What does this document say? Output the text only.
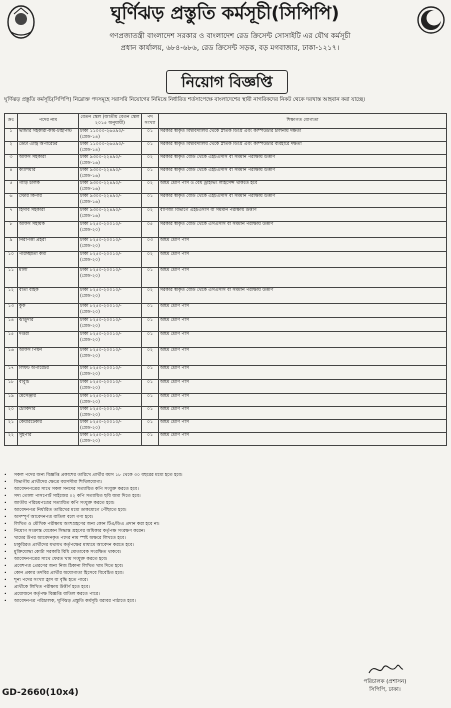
ঘূর্ণিঝড় প্রস্তুতি কর্মসূচী(সিপিপি)
গণপ্রজাতন্ত্রী বাংলাদেশ সরকার ও বাংলাদেশ রেড ক্রিসেন্ট সোসাইটি এর যৌথ কর্মসূচী
প্রধান কার্যালয়, ৬৮৪-৬৮৬, রেড ক্রিসেন্ট সড়ক, বড় মগবাজার, ঢাকা-১২১৭।
নিয়োগ বিজ্ঞপ্তি
ঘূর্ণিঝড় প্রস্তুতি কর্মসূচি(সিপিপি) নিম্নোক্ত পদসমূহে সরাসরি নিয়োগের নিমিত্তে নির্ধারিত শর্তসাপেক্ষে বাংলাদেশের স্থায়ী নাগরিকদের নিকট থেকে দরখাস্ত আহবান করা যাচ্ছে।
ক্রঃ	পদের নাম	বেতন স্কেল (জাতীয় বেতন স্কেল ২০১৫ অনুযায়ী)	পদ সংখ্যা	শিক্ষাগত যোগ্যতা
১	ভান্ডার সহকারী-কাম-টাইপিস্ট	টাকা ১১০০০-২৬৫৯০/-(গ্রেড-১৪)	০১	সরকার স্বীকৃত বিশ্ববিদ্যালয় থেকে স্নাতক ডিগ্রি এবং কম্পিউটার চালনায় দক্ষতা
২	ডেটা এন্ট্রি অপারেটর	টাকা ১১০০০-২৬৫৯০/-(গ্রেড-১৪)	০১	সরকার স্বীকৃত বিশ্ববিদ্যালয় থেকে স্নাতক ডিগ্রি এবং কম্পিউটার ব্যবহারে দক্ষতা
৩	অফিস সহকারী	টাকা ৯৩০০-২২৪৯০/-(গ্রেড-১৬)	০২	সরকার স্বীকৃত বোর্ড থেকে এইচএসসি বা সমমান পরীক্ষায় উত্তীর্ণ
৪	ক্যাশিয়ার	টাকা ৯৩০০-২২৪৯০/-(গ্রেড-১৬)	০১	সরকার স্বীকৃত বোর্ড থেকে এইচএসসি বা সমমান পরীক্ষায় উত্তীর্ণ
৫	গাড়ি চালক	টাকা ৯৩০০-২২৪৯০/-(গ্রেড-১৬)	০২	অষ্টম শ্রেণি পাস ও বৈধ ড্রাইভিং লাইসেন্স থাকতে হবে
৬	স্টোর কিপার	টাকা ৯৩০০-২২৪৯০/-(গ্রেড-১৬)	০১	সরকার স্বীকৃত বোর্ড থেকে এইচএসসি বা সমমান পরীক্ষায় উত্তীর্ণ
৭	হিসাব সহকারী	টাকা ৯৩০০-২২৪৯০/-(গ্রেড-১৬)	০২	বাণিজ্য বিভাগে এইচএসসি বা সমমান পরীক্ষায় উত্তীর্ণ
৮	অফিস সহায়ক	টাকা ৮২৫০-২০০১০/-(গ্রেড-২০)	০৫	সরকার স্বীকৃত বোর্ড থেকে এসএসসি বা সমমান পরীক্ষায় উত্তীর্ণ
৯	নিরাপত্তা প্রহরী	টাকা ৮২৫০-২০০১০/-(গ্রেড-২০)	০৩	অষ্টম শ্রেণি পাস
১০	পরিচ্ছন্নতা কর্মী	টাকা ৮২৫০-২০০১০/-(গ্রেড-২০)	০২	অষ্টম শ্রেণি পাস
১১	মালী	টাকা ৮২৫০-২০০১০/-(গ্রেড-২০)	০১	অষ্টম শ্রেণি পাস
১২	বার্তা বাহক	টাকা ৮২৫০-২০০১০/-(গ্রেড-২০)	০২	সরকার স্বীকৃত বোর্ড থেকে এসএসসি বা সমমান পরীক্ষায় উত্তীর্ণ
১৩	কুক	টাকা ৮২৫০-২০০১০/-(গ্রেড-২০)	০১	অষ্টম শ্রেণি পাস
১৪	ঝাড়ুদার	টাকা ৮২৫০-২০০১০/-(গ্রেড-২০)	০১	অষ্টম শ্রেণি পাস
১৫	দপ্তরী	টাকা ৮২৫০-২০০১০/-(গ্রেড-২০)	০১	অষ্টম শ্রেণি পাস
১৬	অফিস পিয়ন	টাকা ৮২৫০-২০০১০/-(গ্রেড-২০)	০২	অষ্টম শ্রেণি পাস
১৭	লিফট অপারেটর	টাকা ৮২৫০-২০০১০/-(গ্রেড-২০)	০১	অষ্টম শ্রেণি পাস
১৮	বাবুর্চি	টাকা ৮২৫০-২০০১০/-(গ্রেড-২০)	০১	অষ্টম শ্রেণি পাস
১৯	মেসেঞ্জার	টাকা ৮২৫০-২০০১০/-(গ্রেড-২০)	০১	অষ্টম শ্রেণি পাস
২০	চৌকিদার	টাকা ৮২৫০-২০০১০/-(গ্রেড-২০)	০১	অষ্টম শ্রেণি পাস
২১	কেয়ারটেকার	টাকা ৮২৫০-২০০১০/-(গ্রেড-২০)	০১	অষ্টম শ্রেণি পাস
২২	সুইপার	টাকা ৮২৫০-২০০১০/-(গ্রেড-২০)	০১	অষ্টম শ্রেণি পাস

• সকল পদের জন্য বিজ্ঞপ্তি প্রকাশের তারিখে প্রার্থীর বয়স ১৮ থেকে ৩০ বছরের মধ্যে হতে হবে।

• বিভাগীয় প্রার্থীদের ক্ষেত্রে বয়সসীমা শিথিলযোগ্য।

• আবেদনপত্রের সাথে সকল সনদের সত্যায়িত কপি সংযুক্ত করতে হবে।

• সদ্য তোলা পাসপোর্ট সাইজের ০২ কপি সত্যায়িত ছবি জমা দিতে হবে।

• জাতীয় পরিচয়পত্রের সত্যায়িত কপি সংযুক্ত করতে হবে।

• আবেদনপত্র নির্ধারিত তারিখের মধ্যে ডাকযোগে পৌঁছাতে হবে।

• অসম্পূর্ণ আবেদনপত্র বাতিল বলে গণ্য হবে।

• লিখিত ও মৌখিক পরীক্ষায় অংশগ্রহণের জন্য কোন টিএ/ডিএ প্রদান করা হবে না।

• নিয়োগ সংক্রান্ত যেকোন সিদ্ধান্ত গ্রহণের অধিকার কর্তৃপক্ষ সংরক্ষণ করেন।

• খামের উপর আবেদনকৃত পদের নাম স্পষ্ট অক্ষরে লিখতে হবে।

• চাকুরিরত প্রার্থীদের যথাযথ কর্তৃপক্ষের মাধ্যমে আবেদন করতে হবে।

• মুক্তিযোদ্ধা কোটা সরকারি বিধি মোতাবেক সংরক্ষিত থাকবে।

• আবেদনপত্রের সাথে ফেরত খাম সংযুক্ত করতে হবে।

• প্রবেশপত্র প্রেরণের জন্য নিজ ঠিকানা লিখিত খাম দিতে হবে।

• কোন প্রকার তদবির প্রার্থীর অযোগ্যতা হিসেবে বিবেচিত হবে।

• শূন্য পদের সংখ্যা হ্রাস বা বৃদ্ধি হতে পারে।

• প্রার্থীকে লিখিত পরীক্ষায় উত্তীর্ণ হতে হবে।

• প্রয়োজনে কর্তৃপক্ষ বিজ্ঞপ্তি বাতিল করতে পারে।

• আবেদনপত্র পরিচালক, ঘূর্ণিঝড় প্রস্তুতি কর্মসূচি বরাবর পাঠাতে হবে।

পরিচালক (প্রশাসন)
সিপিপি, ঢাকা।
GD-2660(10x4)
